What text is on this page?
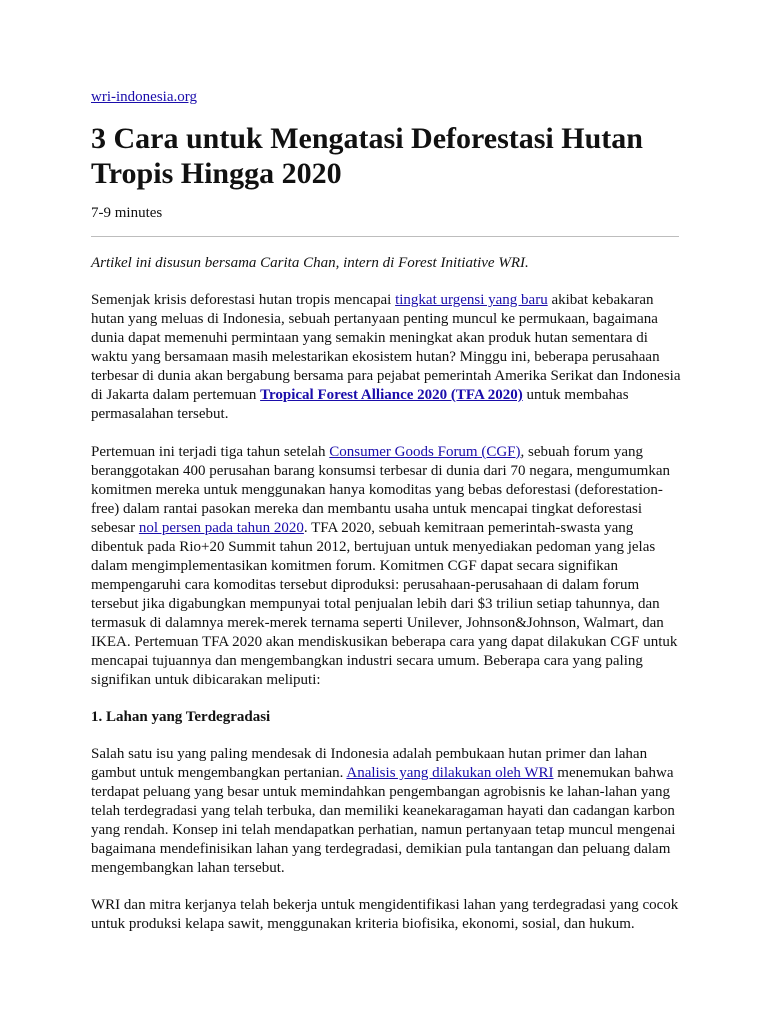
wri-indonesia.org
3 Cara untuk Mengatasi Deforestasi Hutan Tropis Hingga 2020

7-9 minutes

Artikel ini disusun bersama Carita Chan, intern di Forest Initiative WRI.

Semenjak krisis deforestasi hutan tropis mencapai tingkat urgensi yang baru akibat kebakaran hutan yang meluas di Indonesia, sebuah pertanyaan penting muncul ke permukaan, bagaimana dunia dapat memenuhi permintaan yang semakin meningkat akan produk hutan sementara di waktu yang bersamaan masih melestarikan ekosistem hutan? Minggu ini, beberapa perusahaan terbesar di dunia akan bergabung bersama para pejabat pemerintah Amerika Serikat dan Indonesia di Jakarta dalam pertemuan Tropical Forest Alliance 2020 (TFA 2020) untuk membahas permasalahan tersebut.

Pertemuan ini terjadi tiga tahun setelah Consumer Goods Forum (CGF), sebuah forum yang beranggotakan 400 perusahan barang konsumsi terbesar di dunia dari 70 negara, mengumumkan komitmen mereka untuk menggunakan hanya komoditas yang bebas deforestasi (deforestation-free) dalam rantai pasokan mereka dan membantu usaha untuk mencapai tingkat deforestasi sebesar nol persen pada tahun 2020. TFA 2020, sebuah kemitraan pemerintah-swasta yang dibentuk pada Rio+20 Summit tahun 2012, bertujuan untuk menyediakan pedoman yang jelas dalam mengimplementasikan komitmen forum. Komitmen CGF dapat secara signifikan mempengaruhi cara komoditas tersebut diproduksi: perusahaan-perusahaan di dalam forum tersebut jika digabungkan mempunyai total penjualan lebih dari $3 triliun setiap tahunnya, dan termasuk di dalamnya merek-merek ternama seperti Unilever, Johnson&Johnson, Walmart, dan IKEA. Pertemuan TFA 2020 akan mendiskusikan beberapa cara yang dapat dilakukan CGF untuk mencapai tujuannya dan mengembangkan industri secara umum. Beberapa cara yang paling signifikan untuk dibicarakan meliputi:

1. Lahan yang Terdegradasi

Salah satu isu yang paling mendesak di Indonesia adalah pembukaan hutan primer dan lahan gambut untuk mengembangkan pertanian. Analisis yang dilakukan oleh WRI menemukan bahwa terdapat peluang yang besar untuk memindahkan pengembangan agrobisnis ke lahan-lahan yang telah terdegradasi yang telah terbuka, dan memiliki keanekaragaman hayati dan cadangan karbon yang rendah. Konsep ini telah mendapatkan perhatian, namun pertanyaan tetap muncul mengenai bagaimana mendefinisikan lahan yang terdegradasi, demikian pula tantangan dan peluang dalam mengembangkan lahan tersebut.

WRI dan mitra kerjanya telah bekerja untuk mengidentifikasi lahan yang terdegradasi yang cocok untuk produksi kelapa sawit, menggunakan kriteria biofisika, ekonomi, sosial, dan hukum.
